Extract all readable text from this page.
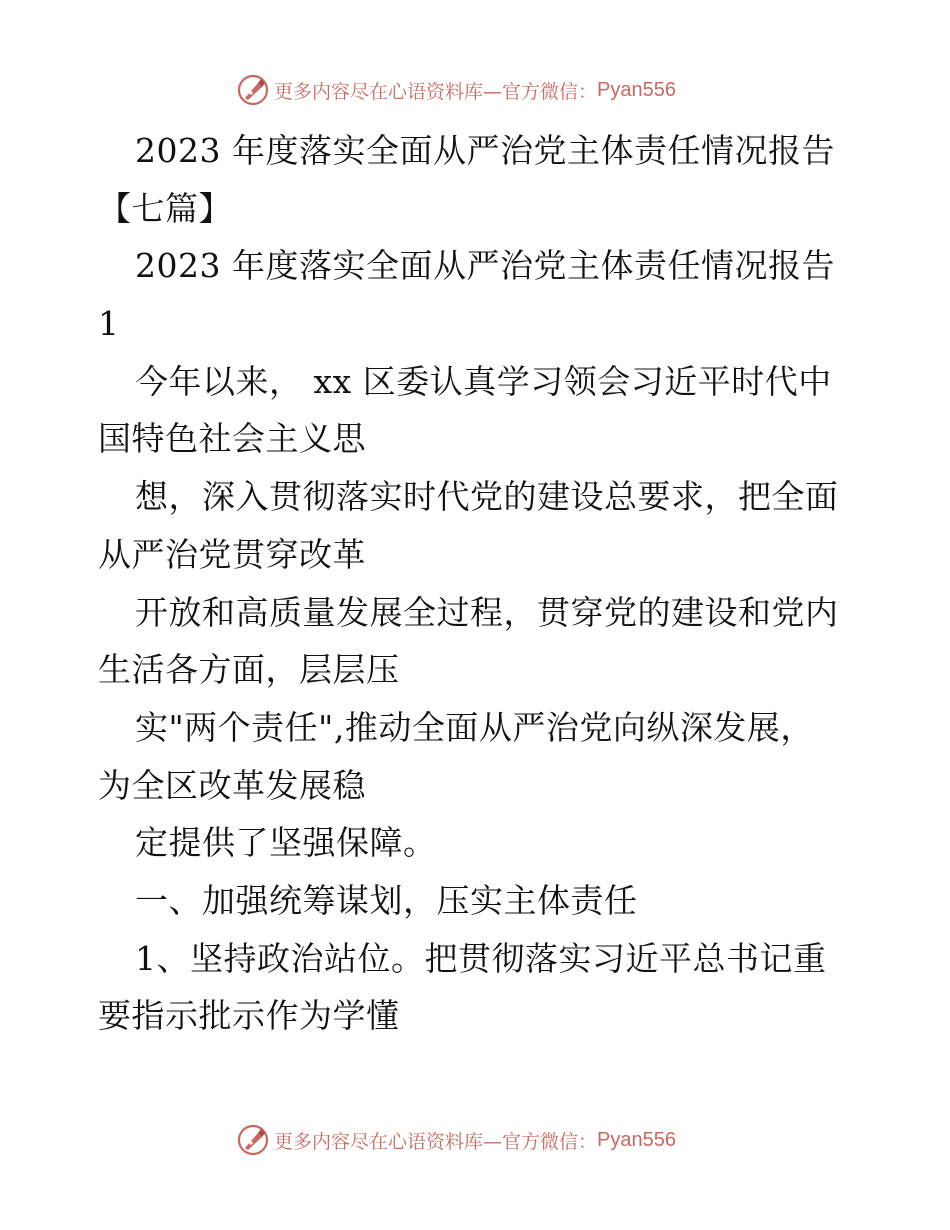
更多内容尽在心语资料库—官方微信： Pyan556
2023 年度落实全面从严治党主体责任情况报告
【七篇】
2023 年度落实全面从严治党主体责任情况报告
1
今年以来， xx 区委认真学习领会习近平时代中
国特色社会主义思
想，深入贯彻落实时代党的建设总要求，把全面
从严治党贯穿改革
开放和高质量发展全过程，贯穿党的建设和党内
生活各方面，层层压
实"两个责任",推动全面从严治党向纵深发展，
为全区改革发展稳
定提供了坚强保障。
一、加强统筹谋划，压实主体责任
1、坚持政治站位。把贯彻落实习近平总书记重
要指示批示作为学懂
更多内容尽在心语资料库—官方微信： Pyan556
